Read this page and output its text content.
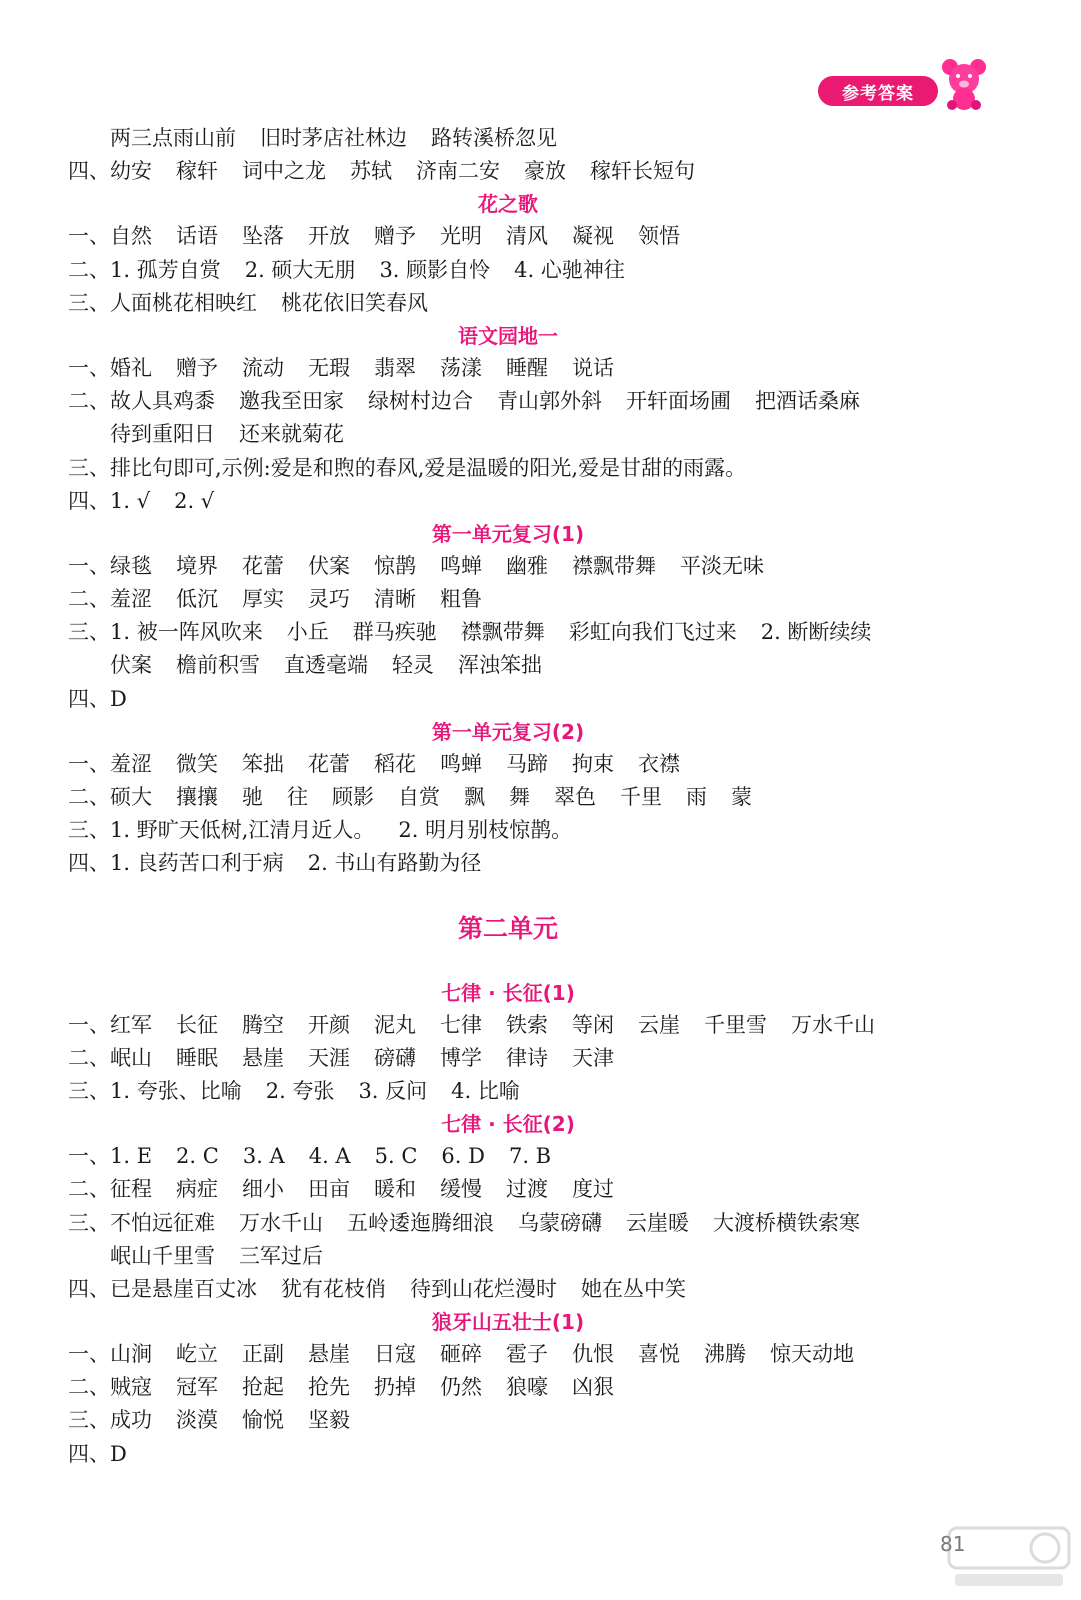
参考答案
两三点雨山前 旧时茅店社林边 路转溪桥忽见
四、 幼安 稼轩 词中之龙 苏轼 济南二安 豪放 稼轩长短句
花之歌
一、 自然 话语 坠落 开放 赠予 光明 清风 凝视 领悟
二、 1. 孤芳自赏 2. 硕大无朋 3. 顾影自怜 4. 心驰神往
三、 人面桃花相映红 桃花依旧笑春风
语文园地一
一、 婚礼 赠予 流动 无瑕 翡翠 荡漾 睡醒 说话
二、 故人具鸡黍 邀我至田家 绿树村边合 青山郭外斜 开轩面场圃 把酒话桑麻
待到重阳日 还来就菊花
三、 排比句即可,示例:爱是和煦的春风,爱是温暖的阳光,爱是甘甜的雨露。
四、 1. √ 2. √
第一单元复习(1)
一、 绿毯 境界 花蕾 伏案 惊鹊 鸣蝉 幽雅 襟飘带舞 平淡无味
二、 羞涩 低沉 厚实 灵巧 清晰 粗鲁
三、 1. 被一阵风吹来 小丘 群马疾驰 襟飘带舞 彩虹向我们飞过来 2. 断断续续
伏案 檐前积雪 直透毫端 轻灵 浑浊笨拙
四、 D
第一单元复习(2)
一、 羞涩 微笑 笨拙 花蕾 稻花 鸣蝉 马蹄 拘束 衣襟
二、 硕大 攘攘 驰 往 顾影 自赏 飘 舞 翠色 千里 雨 蒙
三、 1. 野旷天低树,江清月近人。 2. 明月别枝惊鹊。
四、 1. 良药苦口利于病 2. 书山有路勤为径
第二单元
七律 · 长征(1)
一、 红军 长征 腾空 开颜 泥丸 七律 铁索 等闲 云崖 千里雪 万水千山
二、 岷山 睡眠 悬崖 天涯 磅礴 博学 律诗 天津
三、 1. 夸张、比喻 2. 夸张 3. 反问 4. 比喻
七律 · 长征(2)
一、 1. E 2. C 3. A 4. A 5. C 6. D 7. B
二、 征程 病症 细小 田亩 暖和 缓慢 过渡 度过
三、 不怕远征难 万水千山 五岭逶迤腾细浪 乌蒙磅礴 云崖暖 大渡桥横铁索寒
岷山千里雪 三军过后
四、 已是悬崖百丈冰 犹有花枝俏 待到山花烂漫时 她在丛中笑
狼牙山五壮士(1)
一、 山涧 屹立 正副 悬崖 日寇 砸碎 雹子 仇恨 喜悦 沸腾 惊天动地
二、 贼寇 冠军 抢起 抢先 扔掉 仍然 狼嚎 凶狠
三、 成功 淡漠 愉悦 坚毅
四、 D
81
